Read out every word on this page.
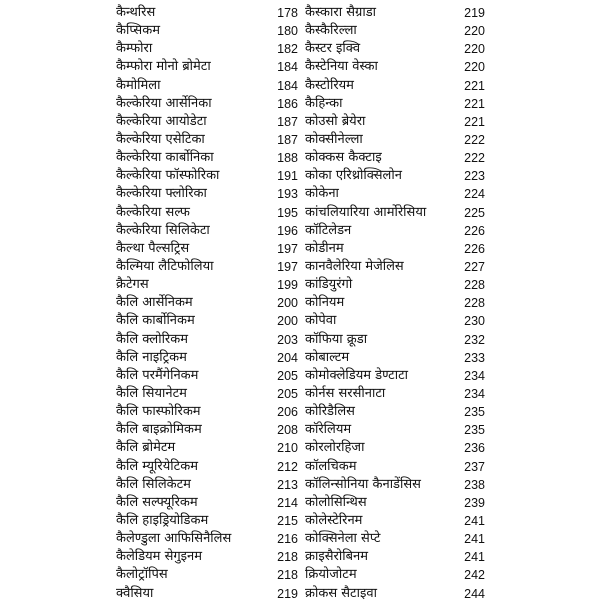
कैन्थरिस	178
कैप्सिकम	180
कैम्फोरा	182
कैम्फोरा मोनो ब्रोमेटा	184
कैमोमिला	184
कैल्केरिया आर्सेनिका	186
कैल्केरिया आयोडेटा	187
कैल्केरिया एसेटिका	187
कैल्केरिया कार्बोनिका	188
कैल्केरिया फॉस्फोरिका	191
कैल्केरिया फ्लोरिका	193
कैल्केरिया सल्फ	195
कैल्केरिया सिलिकेटा	196
कैल्था पैल्सट्रिस	197
कैल्मिया लैटिफोलिया	197
क्रैटेगस	199
कैलि आर्सेनिकम	200
कैलि कार्बोनिकम	200
कैलि क्लोरिकम	203
कैलि नाइट्रिकम	204
कैलि परमैंगेनिकम	205
कैलि सियानेटम	205
कैलि फास्फोरिकम	206
कैलि बाइक्रोमिकम	208
कैलि ब्रोमेटम	210
कैलि म्यूरियेटिकम	212
कैलि सिलिकेटम	213
कैलि सल्फ्यूरिकम	214
कैलि हाइड्रियोडिकम	215
कैलेण्डुला आफिसिनैलिस	216
कैलेडियम सेगुइनम	218
कैलोट्रॉपिस	218
क्वैसिया	219
कैस्कारा सैग्राडा	219
कैस्कैरिल्ला	220
कैस्टर इक्वि	220
कैस्टेनिया वेस्का	220
कैस्टोरियम	221
कैहिन्का	221
कोउसो ब्रेयेरा	221
कोक्सीनेल्ला	222
कोक्कस कैक्टाइ	222
कोका एरिथ्रोक्सिलोन	223
कोकेना	224
कांचलियारिया आर्मोरेसिया	225
कॉटिलेडन	226
कोडीनम	226
कानवैलेरिया मेजेलिस	227
कांडियुरंगो	228
कोनियम	228
कोपेवा	230
कॉफिया क्रूडा	232
कोबाल्टम	233
कोमोक्लेडियम डेण्टाटा	234
कोर्नस सरसीनाटा	234
कोरिडैलिस	235
कॉरेलियम	235
कोरलोरहिजा	236
कॉलचिकम	237
कॉलिन्सोनिया कैनाडेंसिस	238
कोलोसिन्थिस	239
कोलेस्टेरिनम	241
कोक्सिनेला सेप्टे	241
क्राइसैरोबिनम	241
क्रियोजोटम	242
क्रोकस सैटाइवा	244
